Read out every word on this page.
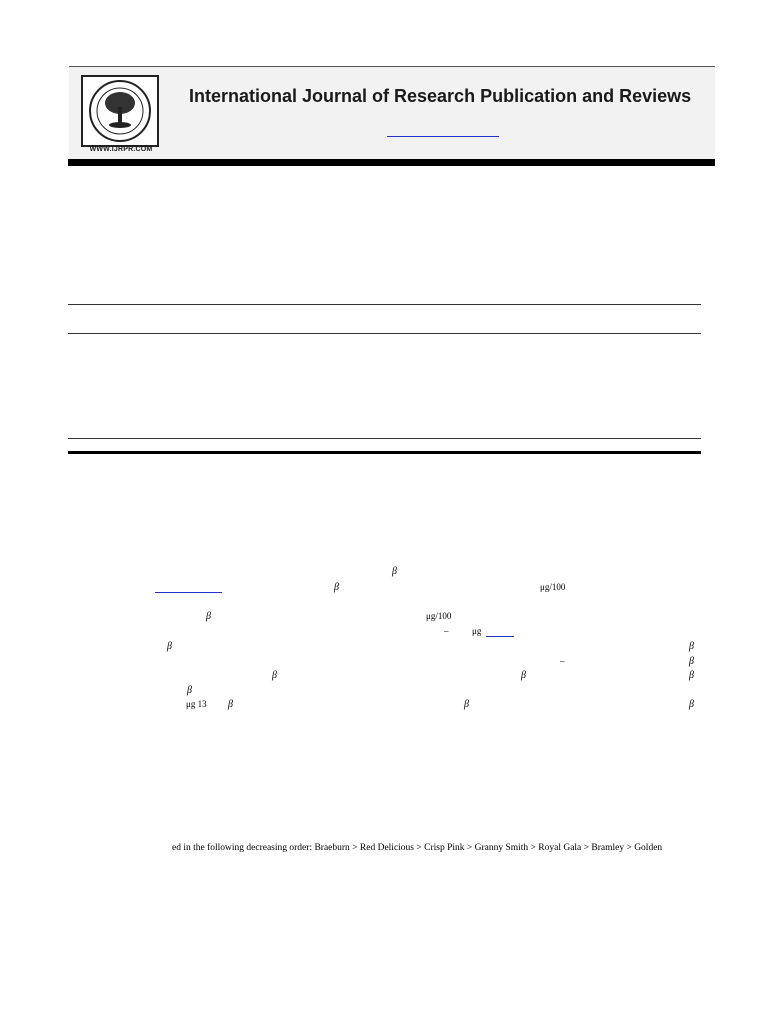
WWW.IJRPR.COM
International Journal of Research Publication and Reviews
β
β	μg/100
β	μg/100
–	μg
β	β
–	β
β	β	β
β
μg 13 β	β	β
ed in the following decreasing order: Braeburn > Red Delicious > Crisp Pink > Granny Smith > Royal Gala > Bramley > Golden
